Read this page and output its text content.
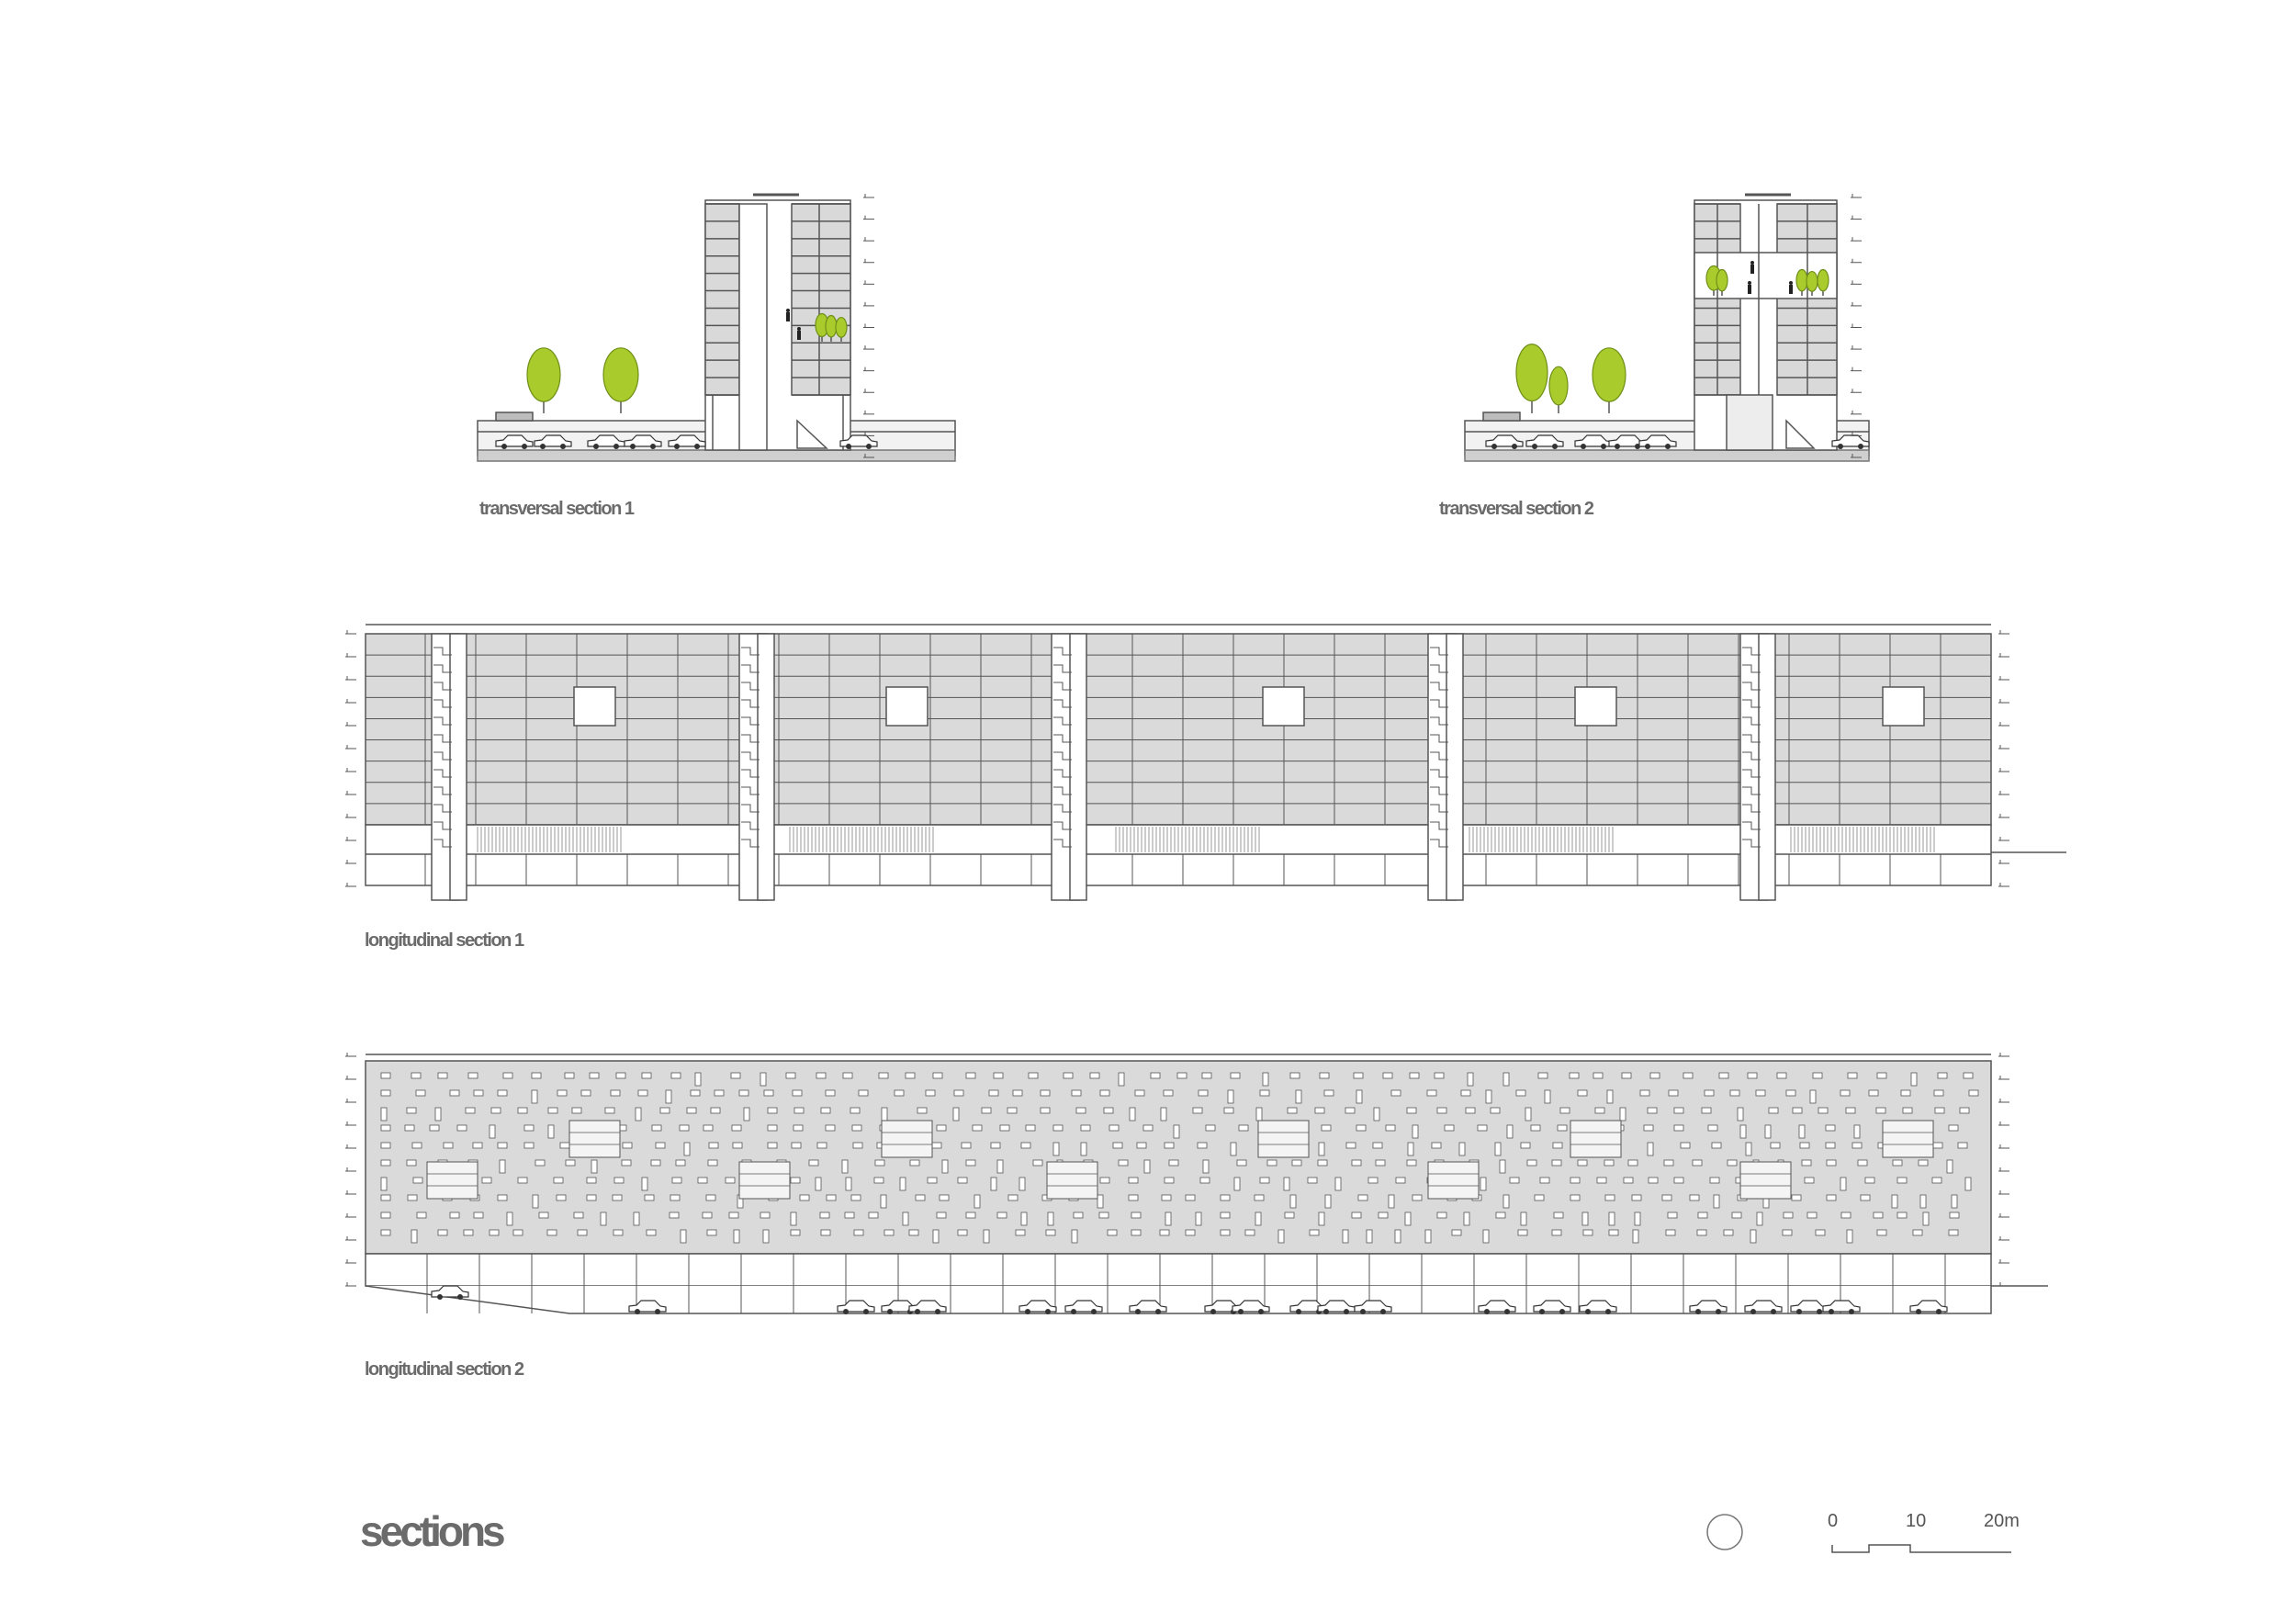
transversal section 1	transversal section 2
longitudinal section 1
longitudinal section 2
sections	0	10	20m
